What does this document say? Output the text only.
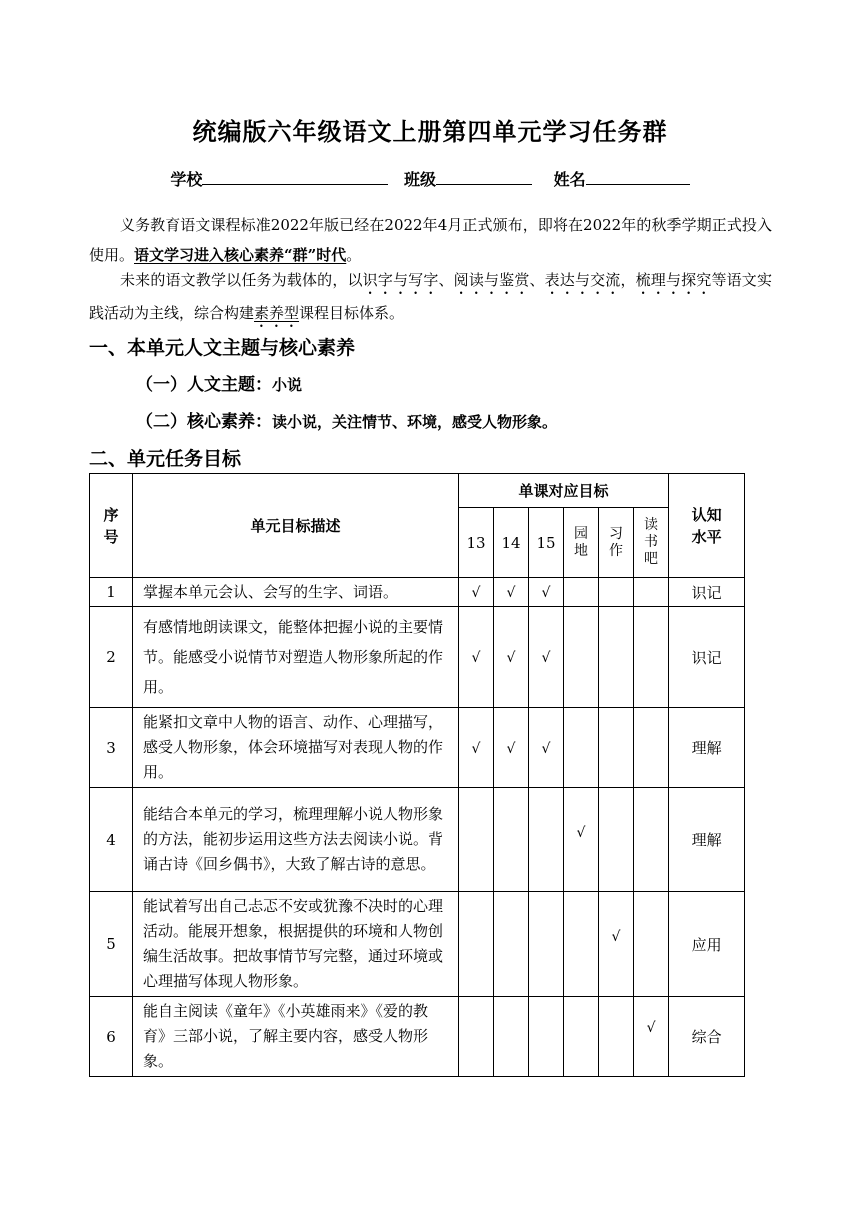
统编版六年级语文上册第四单元学习任务群
学校	班级	姓名
义务教育语文课程标准2022年版已经在2022年4月正式颁布，即将在2022年的秋季学期正式投入使用。语文学习进入核心素养“群”时代。
未来的语文教学以任务为载体的，以识字与写字、阅读与鉴赏、表达与交流，梳理与探究等语文实践活动为主线，综合构建素养型课程目标体系。
一、本单元人文主题与核心素养
（一）人文主题：小说
（二）核心素养：读小说，关注情节、环境，感受人物形象。
二、单元任务目标
序号	单元目标描述	单课对应目标						认知水平

		13	14	15	园地	习作	读书吧	
1	掌握本单元会认、会写的生字、词语。	√	√	√				识记
2	有感情地朗读课文，能整体把握小说的主要情节。能感受小说情节对塑造人物形象所起的作用。	√	√	√				识记
3	能紧扣文章中人物的语言、动作、心理描写，感受人物形象，体会环境描写对表现人物的作用。	√	√	√				理解
4	能结合本单元的学习，梳理理解小说人物形象的方法，能初步运用这些方法去阅读小说。背诵古诗《回乡偶书》，大致了解古诗的意思。				√			理解
5	能试着写出自己忐忑不安或犹豫不决时的心理活动。能展开想象，根据提供的环境和人物创编生活故事。把故事情节写完整，通过环境或心理描写体现人物形象。					√		应用
6	能自主阅读《童年》《小英雄雨来》《爱的教育》三部小说，了解主要内容，感受人物形象。						√	综合
